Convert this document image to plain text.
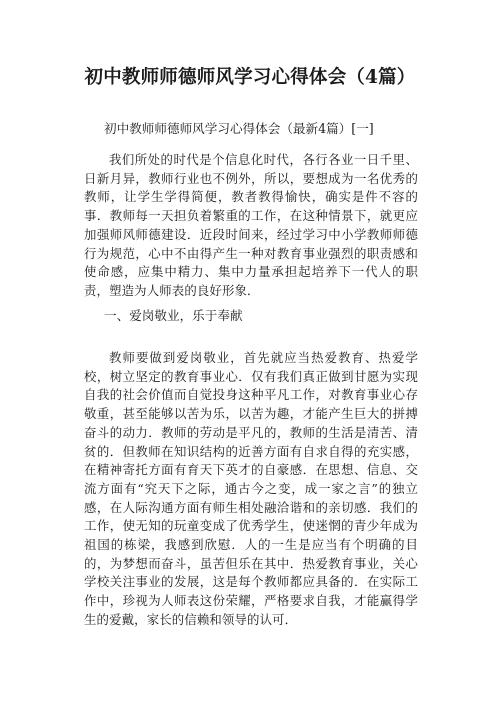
初中教师师德师风学习心得体会（4篇）

初中教师师德师风学习心得体会（最新4篇）[一]

我们所处的时代是个信息化时代，各行各业一日千里、日新月异，教师行业也不例外，所以，要想成为一名优秀的教师，让学生学得简便，教者教得愉快，确实是件不容的事．教师每一天担负着繁重的工作，在这种情景下，就更应加强师风师德建设．近段时间来，经过学习中小学教师师德行为规范，心中不由得产生一种对教育事业强烈的职责感和使命感，应集中精力、集中力量承担起培养下一代人的职责，塑造为人师表的良好形象．

一、爱岗敬业，乐于奉献

教师要做到爱岗敬业，首先就应当热爱教育、热爱学校，树立坚定的教育事业心．仅有我们真正做到甘愿为实现自我的社会价值而自觉投身这种平凡工作，对教育事业心存敬重，甚至能够以苦为乐，以苦为趣，才能产生巨大的拼搏奋斗的动力．教师的劳动是平凡的，教师的生活是清苦、清贫的．但教师在知识结构的近善方面有自求自得的充实感，在精神寄托方面有育天下英才的自豪感．在思想、信息、交流方面有“究天下之际，通古今之变，成一家之言”的独立感，在人际沟通方面有师生相处融洽谐和的亲切感．我们的工作，使无知的玩童变成了优秀学生，使迷惘的青少年成为祖国的栋梁，我感到欣慰．人的一生是应当有个明确的目的，为梦想而奋斗，虽苦但乐在其中．热爱教育事业，关心学校关注事业的发展，这是每个教师都应具备的．在实际工作中，珍视为人师表这份荣耀，严格要求自我，才能赢得学生的爱戴，家长的信赖和领导的认可．
